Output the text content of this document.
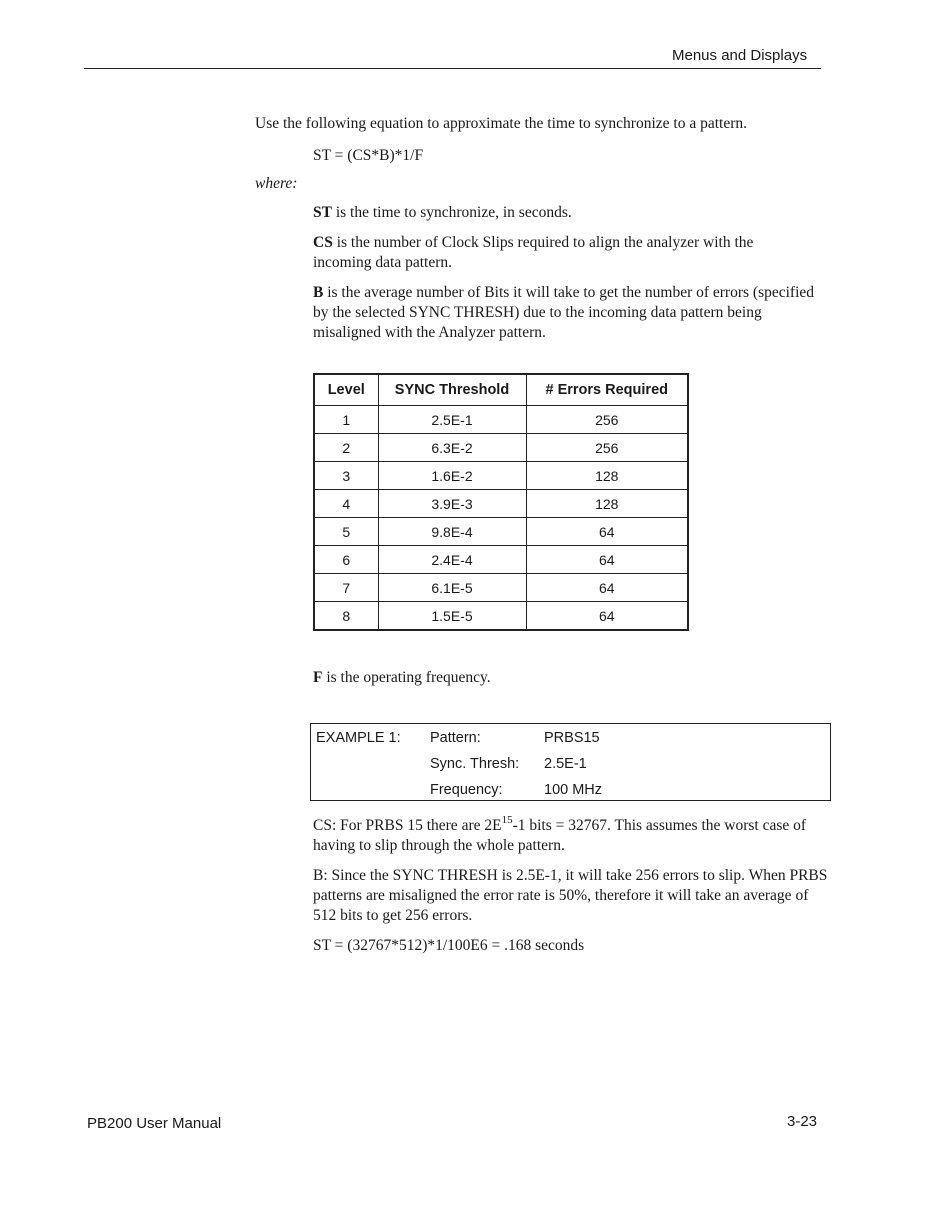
Menus and Displays

Use the following equation to approximate the time to synchronize to a pattern.

ST = (CS*B)*1/F

where:

ST is the time to synchronize, in seconds.

CS is the number of Clock Slips required to align the analyzer with the incoming data pattern.

B is the average number of Bits it will take to get the number of errors (specified by the selected SYNC THRESH) due to the incoming data pattern being misaligned with the Analyzer pattern.

Level	SYNC Threshold	# Errors Required
1	2.5E-1	256
2	6.3E-2	256
3	1.6E-2	128
4	3.9E-3	128
5	9.8E-4	64
6	2.4E-4	64
7	6.1E-5	64
8	1.5E-5	64

F is the operating frequency.

EXAMPLE 1: Pattern:	PRBS15
Sync. Thresh: 2.5E-1
Frequency:	100 MHz

CS: For PRBS 15 there are $2E^{15}-1$ bits = 32767. This assumes the worst case of having to slip through the whole pattern.

B: Since the SYNC THRESH is 2.5E-1, it will take 256 errors to slip. When PRBS patterns are misaligned the error rate is 50%, therefore it will take an average of 512 bits to get 256 errors.

ST = (32767*512)*1/100E6 = .168 seconds

PB200 User Manual	3-23
